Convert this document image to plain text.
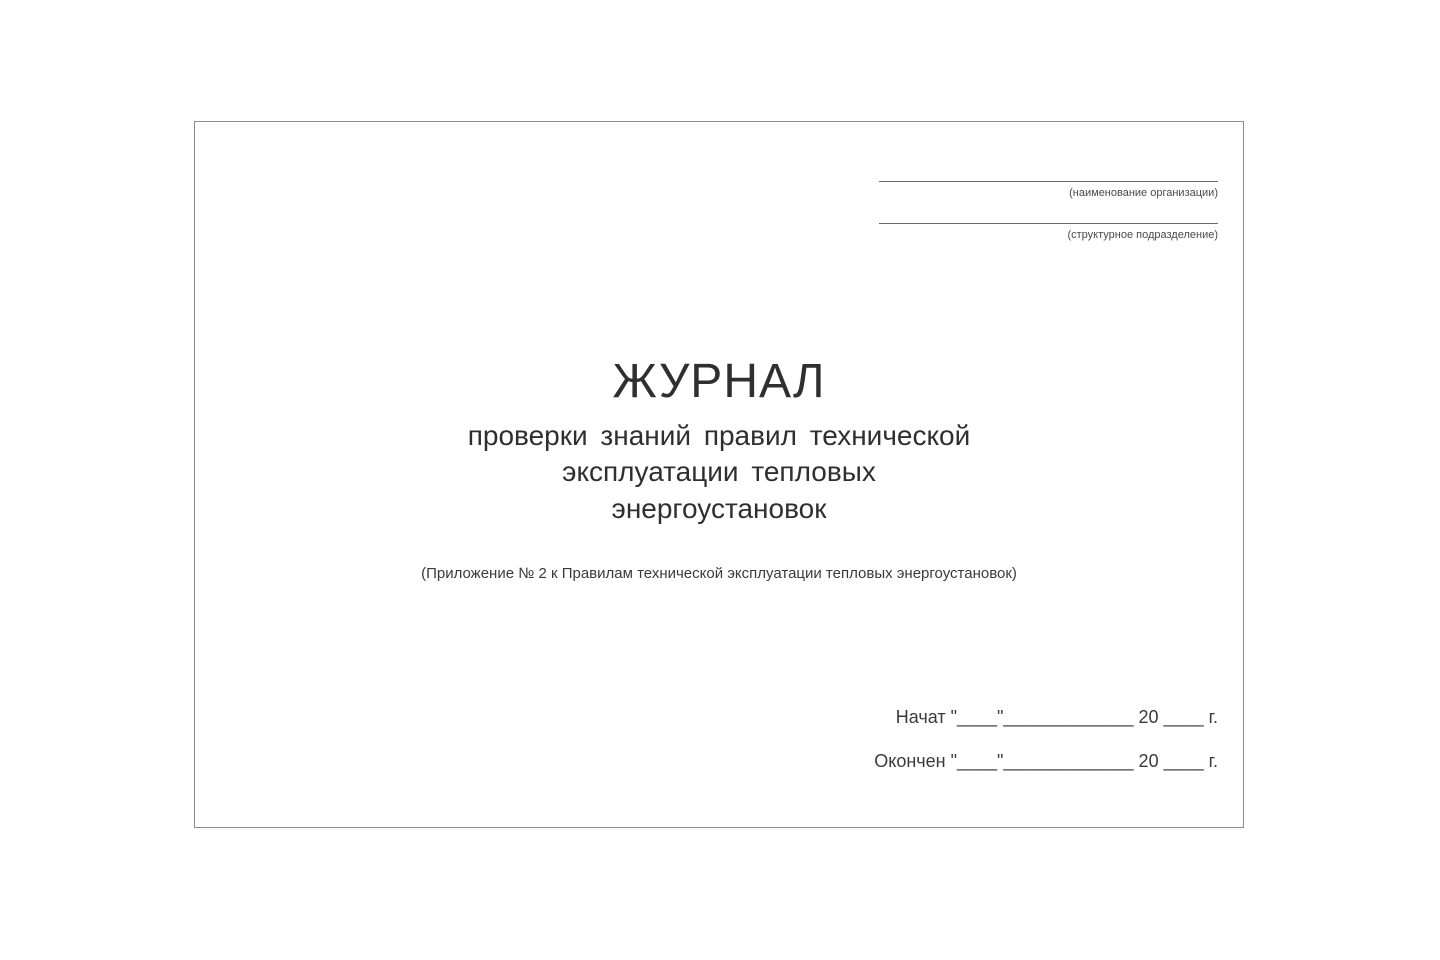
(наименование организации)
(структурное подразделение)
ЖУРНАЛ
проверки знаний правил технической
эксплуатации тепловых
энергоустановок
(Приложение № 2 к Правилам технической эксплуатации тепловых энергоустановок)
Начат "____"_____________ 20 ____ г.
Окончен "____"_____________ 20 ____ г.
